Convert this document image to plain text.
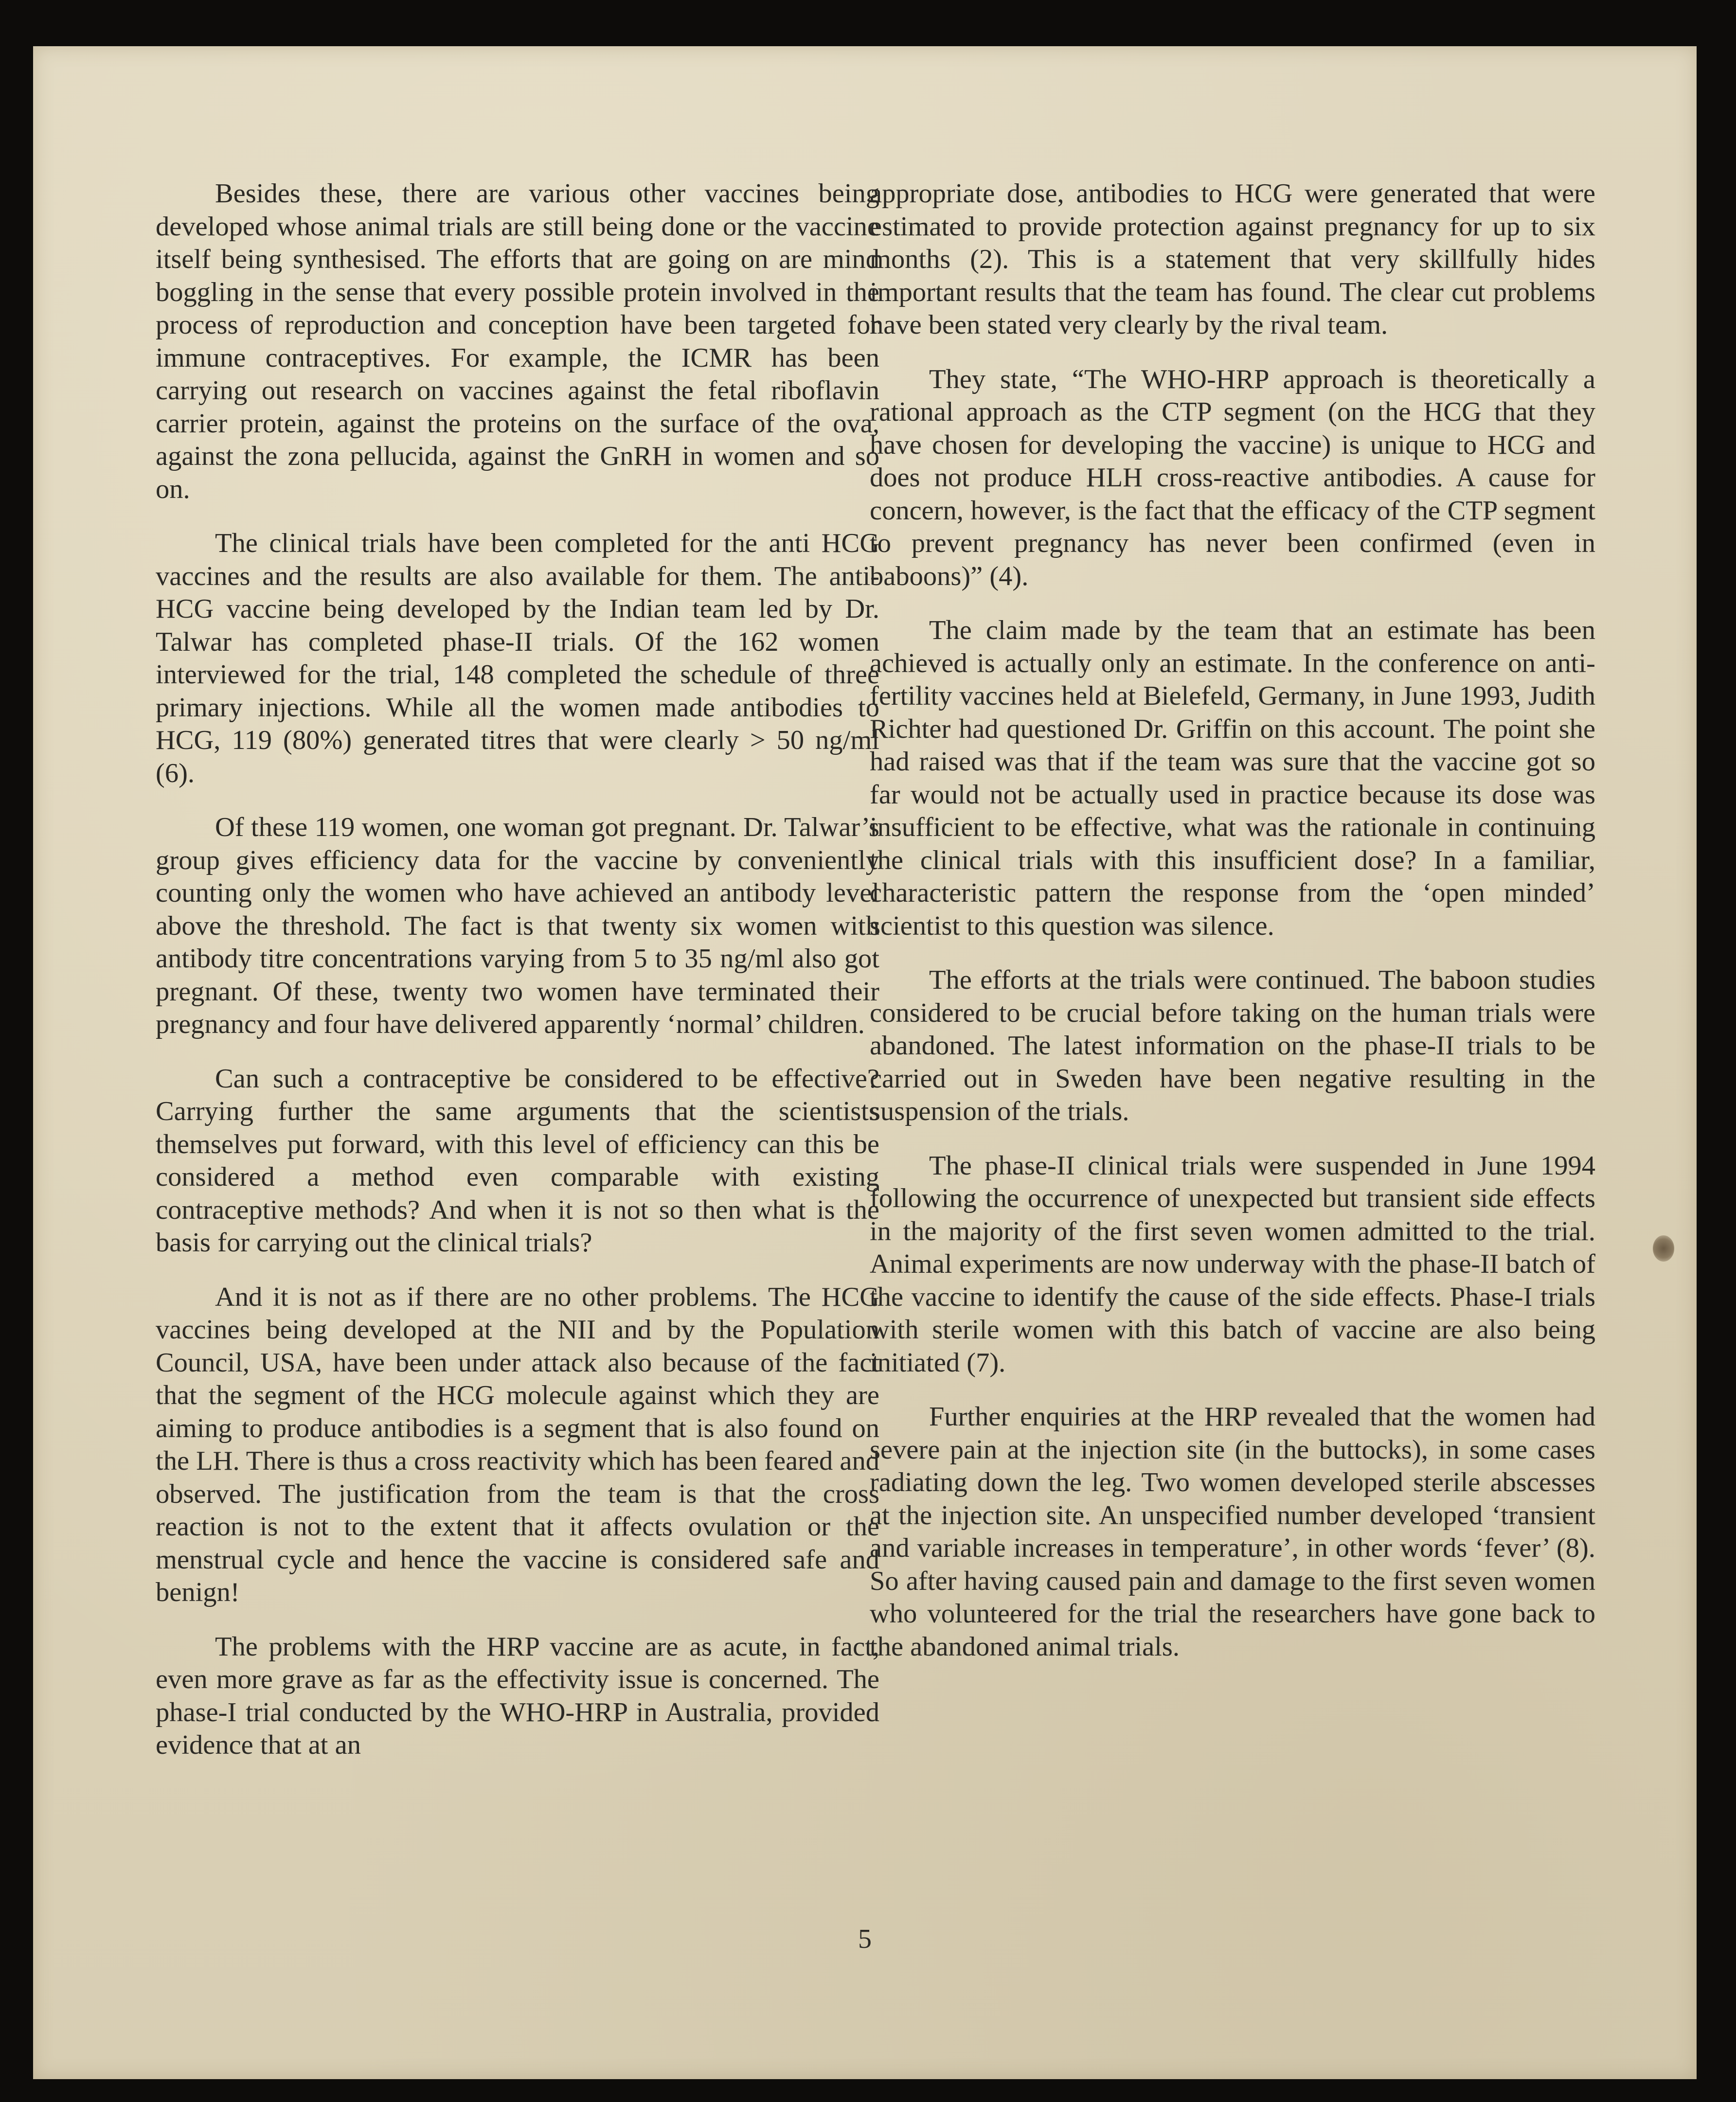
Besides these, there are various other vaccines being developed whose animal trials are still being done or the vaccine itself being synthesised. The efforts that are going on are mind boggling in the sense that every possible protein involved in the process of reproduction and conception have been targeted for immune contraceptives. For example, the ICMR has been carrying out research on vaccines against the fetal riboflavin carrier protein, against the proteins on the surface of the ova, against the zona pellucida, against the GnRH in women and so on.

The clinical trials have been completed for the anti HCG vaccines and the results are also available for them. The anti-HCG vaccine being developed by the Indian team led by Dr. Talwar has completed phase-II trials. Of the 162 women interviewed for the trial, 148 completed the schedule of three primary injections. While all the women made antibodies to HCG, 119 (80%) generated titres that were clearly > 50 ng/ml (6).

Of these 119 women, one woman got pregnant. Dr. Talwar’s group gives efficiency data for the vaccine by conveniently counting only the women who have achieved an antibody level above the threshold. The fact is that twenty six women with antibody titre concentrations varying from 5 to 35 ng/ml also got pregnant. Of these, twenty two women have terminated their pregnancy and four have delivered apparently ‘normal’ children.

Can such a contraceptive be considered to be effective? Carrying further the same arguments that the scientists themselves put forward, with this level of efficiency can this be considered a method even comparable with existing contraceptive methods? And when it is not so then what is the basis for carrying out the clinical trials?

And it is not as if there are no other problems. The HCG vaccines being developed at the NII and by the Population Council, USA, have been under attack also because of the fact that the segment of the HCG molecule against which they are aiming to produce antibodies is a segment that is also found on the LH. There is thus a cross reactivity which has been feared and observed. The justification from the team is that the cross reaction is not to the extent that it affects ovulation or the menstrual cycle and hence the vaccine is considered safe and benign!

The problems with the HRP vaccine are as acute, in fact, even more grave as far as the effectivity issue is concerned. The phase-I trial conducted by the WHO-HRP in Australia, provided evidence that at an

appropriate dose, antibodies to HCG were generated that were estimated to provide protection against pregnancy for up to six months (2). This is a statement that very skillfully hides important results that the team has found. The clear cut problems have been stated very clearly by the rival team.

They state, “The WHO-HRP approach is theoretically a rational approach as the CTP segment (on the HCG that they have chosen for developing the vaccine) is unique to HCG and does not produce HLH cross-reactive antibodies. A cause for concern, however, is the fact that the efficacy of the CTP segment to prevent pregnancy has never been confirmed (even in baboons)” (4).

The claim made by the team that an estimate has been achieved is actually only an estimate. In the conference on anti-fertility vaccines held at Bielefeld, Germany, in June 1993, Judith Richter had questioned Dr. Griffin on this account. The point she had raised was that if the team was sure that the vaccine got so far would not be actually used in practice because its dose was insufficient to be effective, what was the rationale in continuing the clinical trials with this insufficient dose? In a familiar, characteristic pattern the response from the ‘open minded’ scientist to this question was silence.

The efforts at the trials were continued. The baboon studies considered to be crucial before taking on the human trials were abandoned. The latest information on the phase-II trials to be carried out in Sweden have been negative resulting in the suspension of the trials.

The phase-II clinical trials were suspended in June 1994 following the occurrence of unexpected but transient side effects in the majority of the first seven women admitted to the trial. Animal experiments are now underway with the phase-II batch of the vaccine to identify the cause of the side effects. Phase-I trials with sterile women with this batch of vaccine are also being initiated (7).

Further enquiries at the HRP revealed that the women had severe pain at the injection site (in the buttocks), in some cases radiating down the leg. Two women developed sterile abscesses at the injection site. An unspecified number developed ‘transient and variable increases in temperature’, in other words ‘fever’ (8). So after having caused pain and damage to the first seven women who volunteered for the trial the researchers have gone back to the abandoned animal trials.

5
